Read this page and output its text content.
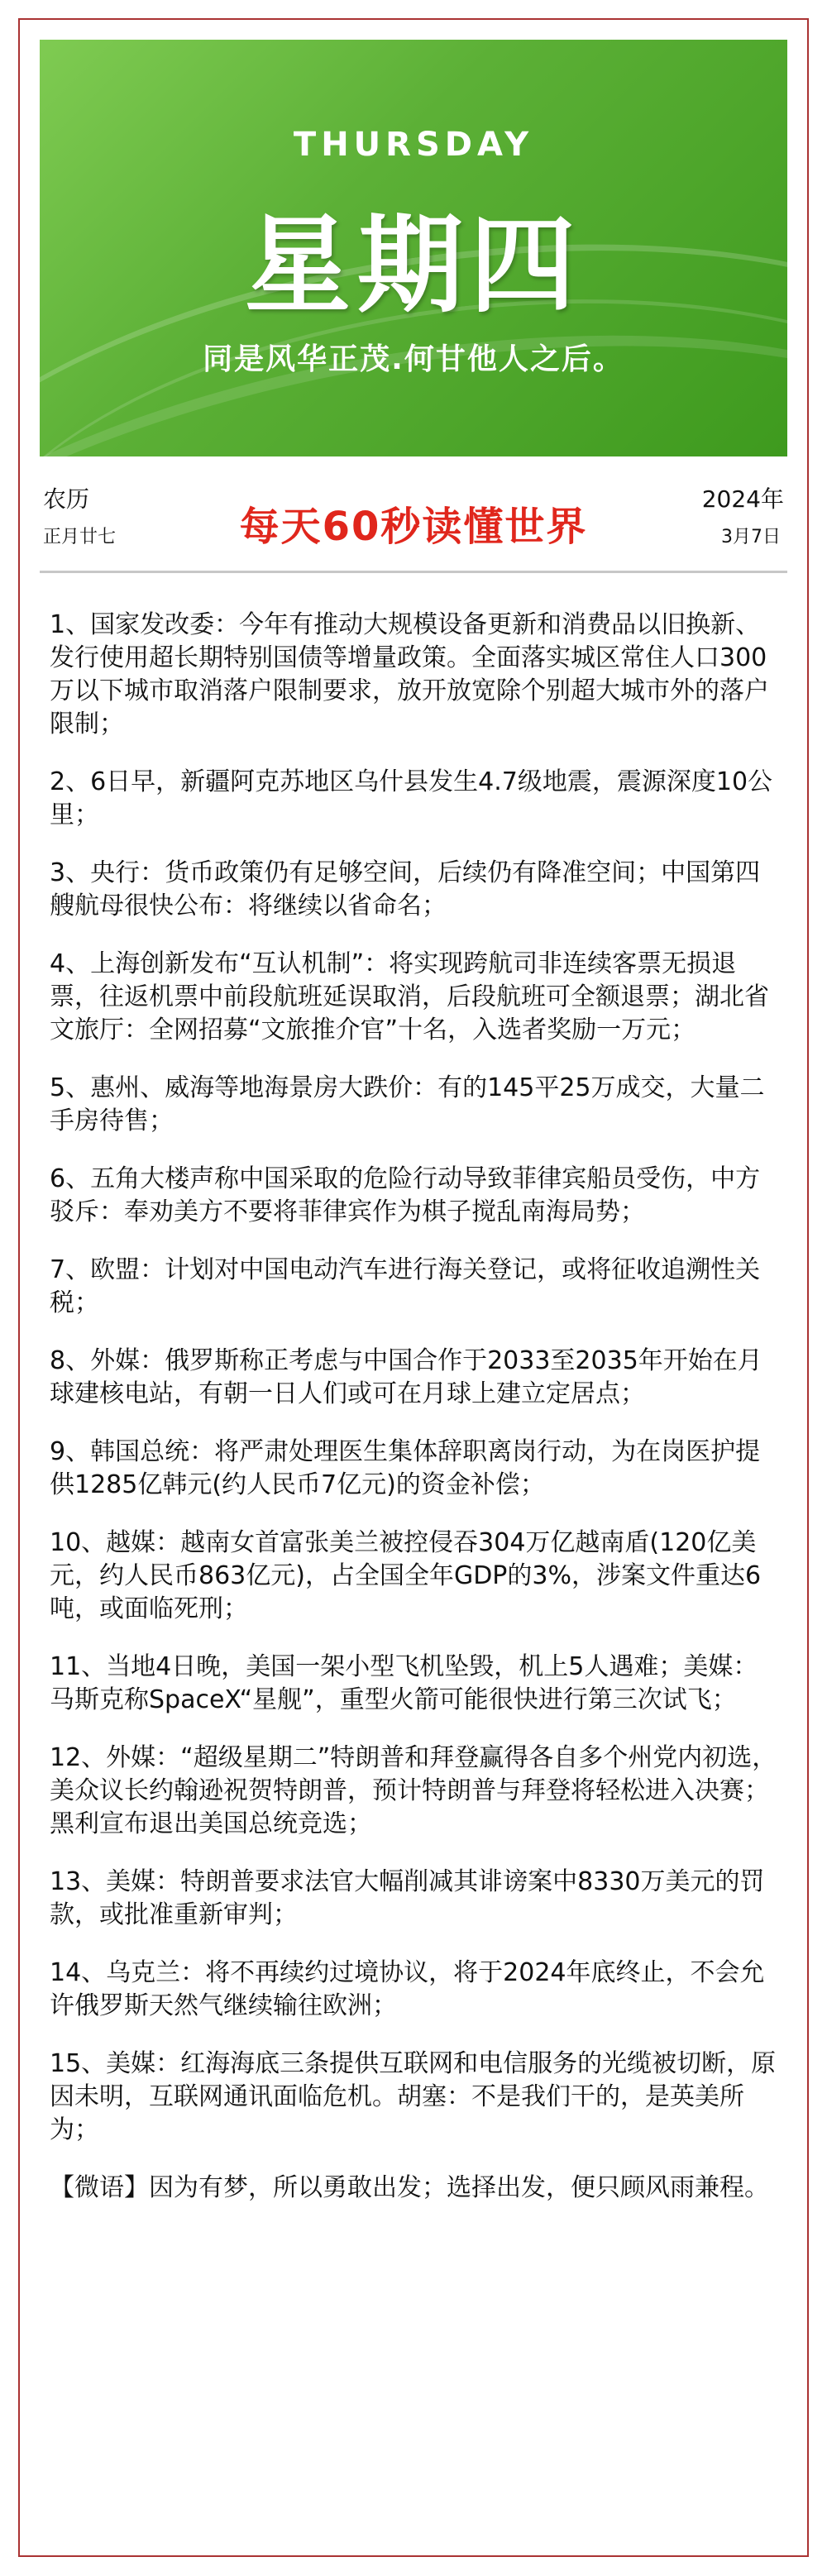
THURSDAY
星期四
同是风华正茂.何甘他人之后。
农历
正月廿七	每天60秒读懂世界
2024年
3月7日
1、国家发改委：今年有推动大规模设备更新和消费品以旧换新、发行使用超长期特别国债等增量政策。全面落实城区常住人口300万以下城市取消落户限制要求，放开放宽除个别超大城市外的落户限制；
2、6日早，新疆阿克苏地区乌什县发生4.7级地震，震源深度10公里；
3、央行：货币政策仍有足够空间，后续仍有降准空间；中国第四艘航母很快公布：将继续以省命名；
4、上海创新发布“互认机制”：将实现跨航司非连续客票无损退票，往返机票中前段航班延误取消，后段航班可全额退票；湖北省文旅厅：全网招募“文旅推介官”十名，入选者奖励一万元；
5、惠州、威海等地海景房大跌价：有的145平25万成交，大量二手房待售；
6、五角大楼声称中国采取的危险行动导致菲律宾船员受伤，中方驳斥：奉劝美方不要将菲律宾作为棋子搅乱南海局势；
7、欧盟：计划对中国电动汽车进行海关登记，或将征收追溯性关税；
8、外媒：俄罗斯称正考虑与中国合作于2033至2035年开始在月球建核电站，有朝一日人们或可在月球上建立定居点；
9、韩国总统：将严肃处理医生集体辞职离岗行动，为在岗医护提供1285亿韩元(约人民币7亿元)的资金补偿；
10、越媒：越南女首富张美兰被控侵吞304万亿越南盾(120亿美元，约人民币863亿元)，占全国全年GDP的3%，涉案文件重达6吨，或面临死刑；
11、当地4日晚，美国一架小型飞机坠毁，机上5人遇难；美媒：马斯克称SpaceX“星舰”，重型火箭可能很快进行第三次试飞；
12、外媒：“超级星期二”特朗普和拜登赢得各自多个州党内初选，美众议长约翰逊祝贺特朗普，预计特朗普与拜登将轻松进入决赛；黑利宣布退出美国总统竞选；
13、美媒：特朗普要求法官大幅削减其诽谤案中8330万美元的罚款，或批准重新审判；
14、乌克兰：将不再续约过境协议，将于2024年底终止，不会允许俄罗斯天然气继续输往欧洲；
15、美媒：红海海底三条提供互联网和电信服务的光缆被切断，原因未明，互联网通讯面临危机。胡塞：不是我们干的，是英美所为；
【微语】因为有梦，所以勇敢出发；选择出发，便只顾风雨兼程。
